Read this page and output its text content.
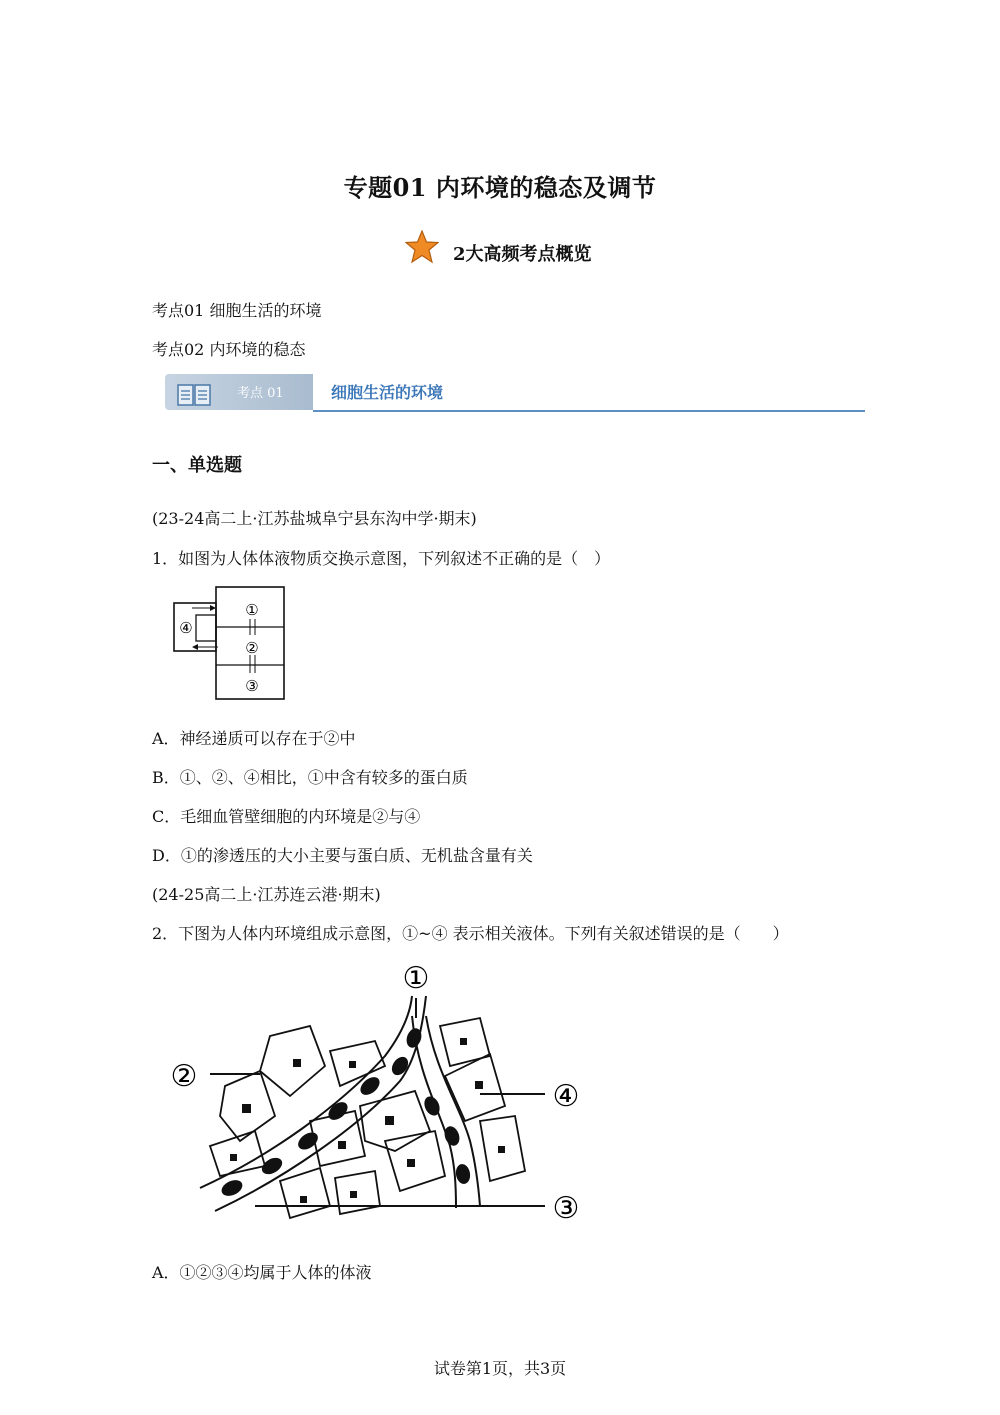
专题01 内环境的稳态及调节
2大高频考点概览
考点01 细胞生活的环境
考点02 内环境的稳态
考点 01	细胞生活的环境
一、单选题
(23-24高二上·江苏盐城阜宁县东沟中学·期末)
1．如图为人体体液物质交换示意图，下列叙述不正确的是（　）
①
②
③
④
A．神经递质可以存在于②中
B．①、②、④相比，①中含有较多的蛋白质
C．毛细血管壁细胞的内环境是②与④
D．①的渗透压的大小主要与蛋白质、无机盐含量有关
(24-25高二上·江苏连云港·期末)
2．下图为人体内环境组成示意图，①~④ 表示相关液体。下列有关叙述错误的是（　　）
①
②
③
④
A．①②③④均属于人体的体液
试卷第1页，共3页
